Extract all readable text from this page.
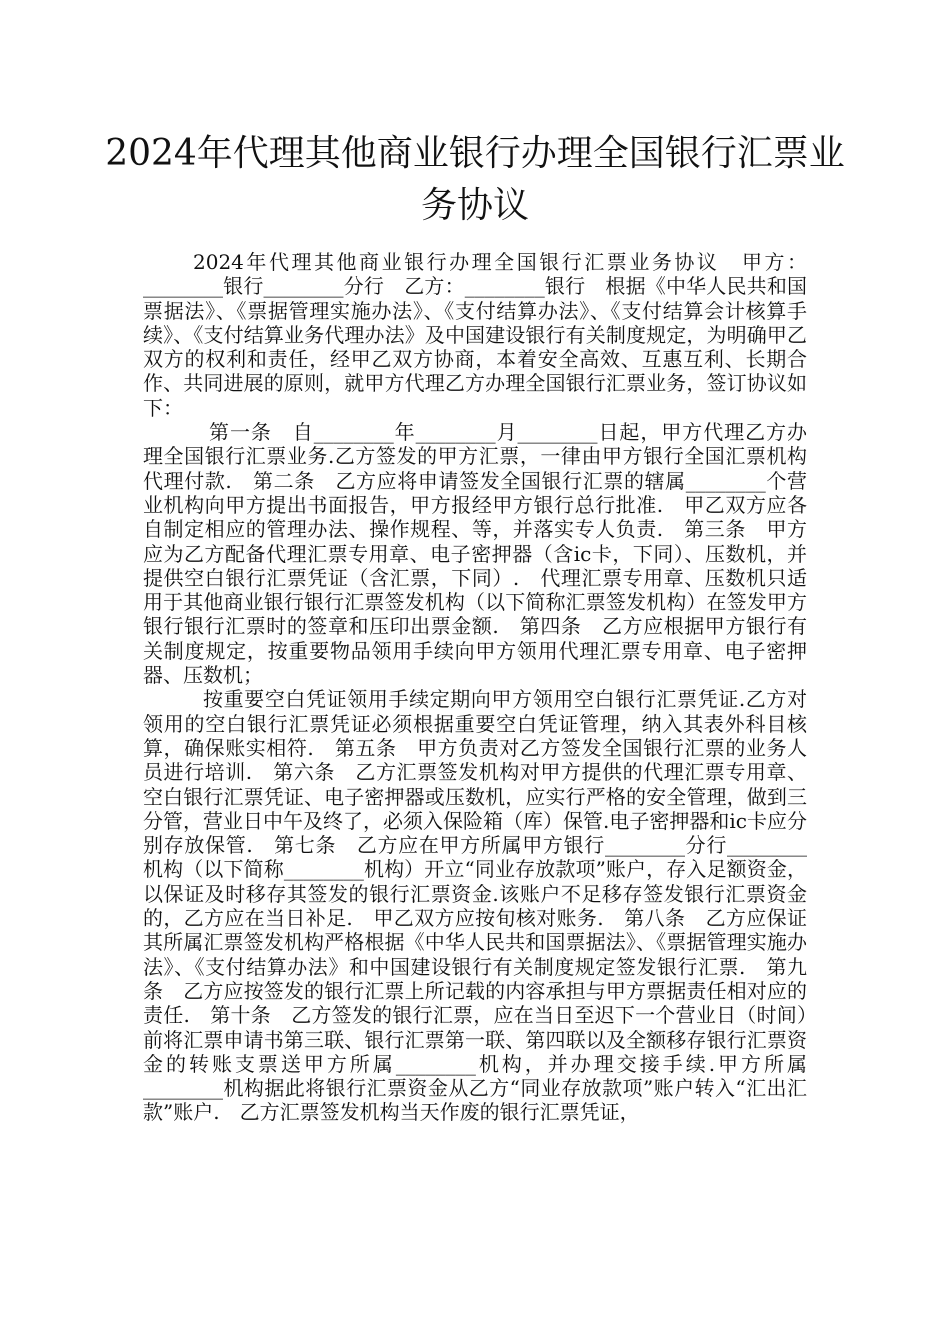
2024年代理其他商业银行办理全国银行汇票业务协议

2024年代理其他商业银行办理全国银行汇票业务协议　甲方：________银行________分行　乙方：________银行　根据《中华人民共和国票据法》、《票据管理实施办法》、《支付结算办法》、《支付结算会计核算手续》、《支付结算业务代理办法》及中国建设银行有关制度规定，为明确甲乙双方的权利和责任，经甲乙双方协商，本着安全高效、互惠互利、长期合作、共同进展的原则，就甲方代理乙方办理全国银行汇票业务，签订协议如下：

第一条　自________年________月________日起，甲方代理乙方办理全国银行汇票业务.乙方签发的甲方汇票，一律由甲方银行全国汇票机构代理付款.　第二条　乙方应将申请签发全国银行汇票的辖属________个营业机构向甲方提出书面报告，甲方报经甲方银行总行批准.　甲乙双方应各自制定相应的管理办法、操作规程、等，并落实专人负责.　第三条　甲方应为乙方配备代理汇票专用章、电子密押器（含ic卡，下同）、压数机，并提供空白银行汇票凭证（含汇票，下同）.　代理汇票专用章、压数机只适用于其他商业银行银行汇票签发机构（以下简称汇票签发机构）在签发甲方银行银行汇票时的签章和压印出票金额.　第四条　乙方应根据甲方银行有关制度规定，按重要物品领用手续向甲方领用代理汇票专用章、电子密押器、压数机；

按重要空白凭证领用手续定期向甲方领用空白银行汇票凭证.乙方对领用的空白银行汇票凭证必须根据重要空白凭证管理，纳入其表外科目核算，确保账实相符.　第五条　甲方负责对乙方签发全国银行汇票的业务人员进行培训.　第六条　乙方汇票签发机构对甲方提供的代理汇票专用章、空白银行汇票凭证、电子密押器或压数机，应实行严格的安全管理，做到三分管，营业日中午及终了，必须入保险箱（库）保管.电子密押器和ic卡应分别存放保管.　第七条　乙方应在甲方所属甲方银行________分行________机构（以下简称________机构）开立“同业存放款项”账户，存入足额资金，以保证及时移存其签发的银行汇票资金.该账户不足移存签发银行汇票资金的，乙方应在当日补足.　甲乙双方应按旬核对账务.　第八条　乙方应保证其所属汇票签发机构严格根据《中华人民共和国票据法》、《票据管理实施办法》、《支付结算办法》和中国建设银行有关制度规定签发银行汇票.　第九条　乙方应按签发的银行汇票上所记载的内容承担与甲方票据责任相对应的责任.　第十条　乙方签发的银行汇票，应在当日至迟下一个营业日（时间）前将汇票申请书第三联、银行汇票第一联、第四联以及全额移存银行汇票资金的转账支票送甲方所属________机构，并办理交接手续.甲方所属________机构据此将银行汇票资金从乙方“同业存放款项”账户转入“汇出汇款”账户.　乙方汇票签发机构当天作废的银行汇票凭证，
